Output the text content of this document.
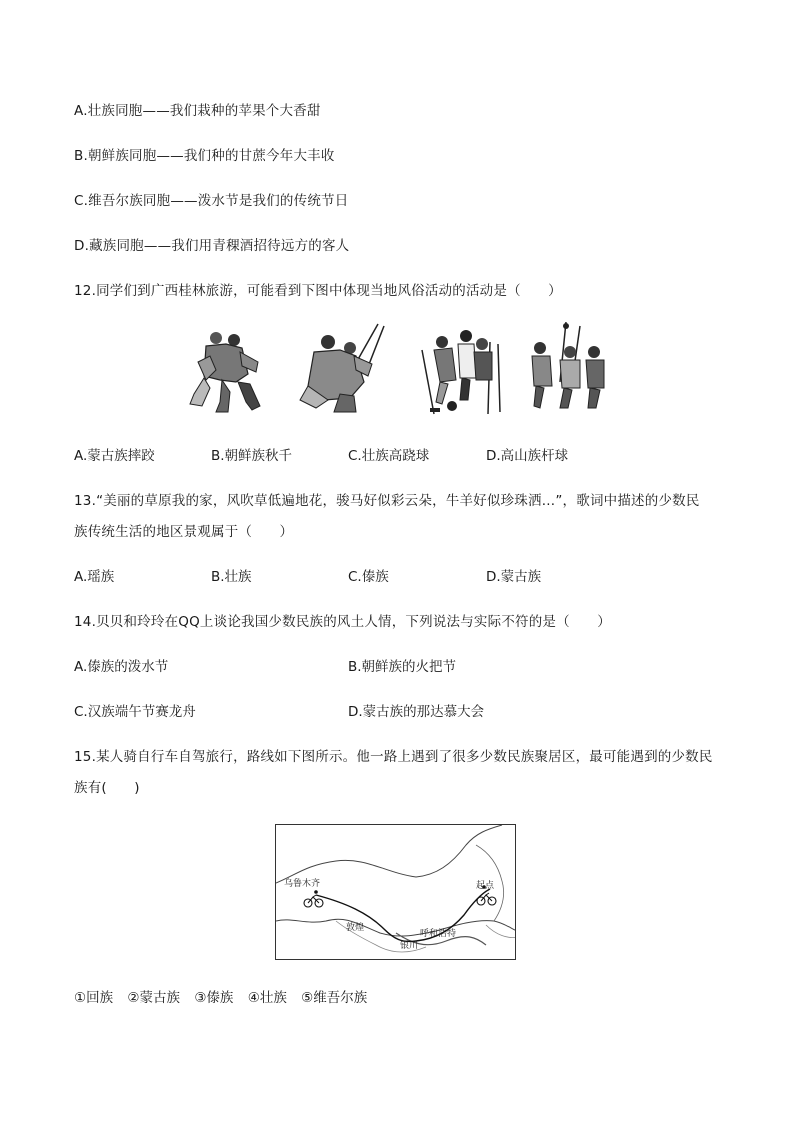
A.壮族同胞——我们栽种的苹果个大香甜
B.朝鲜族同胞——我们种的甘蔗今年大丰收
C.维吾尔族同胞——泼水节是我们的传统节日
D.藏族同胞——我们用青稞酒招待远方的客人
12.同学们到广西桂林旅游，可能看到下图中体现当地风俗活动的活动是（　　）
A.蒙古族摔跤	B.朝鲜族秋千	C.壮族高跷球	D.高山族杆球
13.“美丽的草原我的家，风吹草低遍地花，骏马好似彩云朵，牛羊好似珍珠洒…”，歌词中描述的少数民
族传统生活的地区景观属于（　　）
A.瑶族	B.壮族	C.傣族	D.蒙古族
14.贝贝和玲玲在QQ上谈论我国少数民族的风土人情，下列说法与实际不符的是（　　）
A.傣族的泼水节	B.朝鲜族的火把节
C.汉族端午节赛龙舟	D.蒙古族的那达慕大会
15.某人骑自行车自驾旅行，路线如下图所示。他一路上遇到了很多少数民族聚居区，最可能遇到的少数民
族有(　　)
乌鲁木齐	起点
敦煌
银川
呼和浩特
①回族 ②蒙古族 ③傣族 ④壮族 ⑤维吾尔族
